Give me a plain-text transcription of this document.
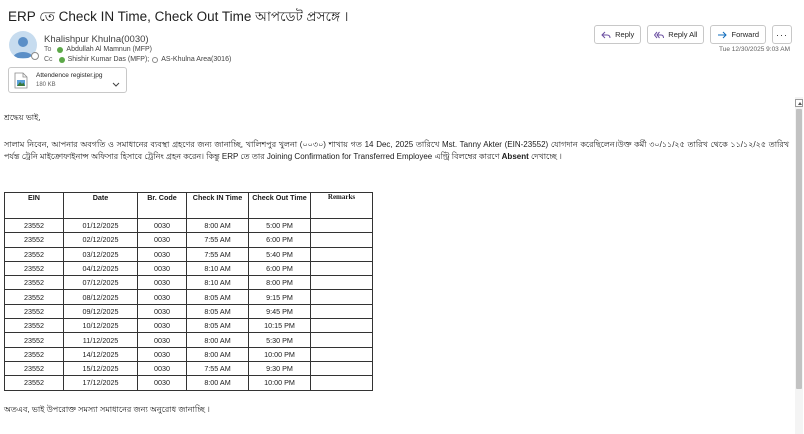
ERP তে Check IN Time, Check Out Time আপডেট প্রসঙ্গে ।
Khalishpur Khulna(0030)
To Abdullah Al Mamnun (MFP)
Cc Shishir Kumar Das (MFP); AS-Khulna Area(3016)
Reply	Reply All	Forward	···
Tue 12/30/2025 9:03 AM
Attendence register.jpg
180 KB
শ্রদ্ধেয় ভাই,
সালাম নিবেন, আপনার অবগতি ও সমাধানের ব্যবস্থা গ্রহণের জন্য জানাচ্ছি, খালিশপুর খুলনা (০০৩০) শাখায় গত 14 Dec, 2025 তারিখে Mst. Tanny Akter (EIN-23552) যোগদান করেছিলেন।উক্ত কর্মী ৩০/১১/২৫ তারিখ থেকে ১১/১২/২৫ তারিখ পর্যন্ত ট্রেনি মাইক্রোফাইনান্স অফিসার হিসাবে ট্রেনিং গ্রহন করেন। কিন্তু ERP তে তার Joining Confirmation for Transferred Employee এন্ট্রি বিলম্বের কারণে Absent দেখাচ্ছে ।
EIN	Date	Br. Code	Check IN Time	Check Out Time	Remarks
23552	01/12/2025	0030	8:00 AM	5:00 PM	
23552	02/12/2025	0030	7:55 AM	6:00 PM	
23552	03/12/2025	0030	7:55 AM	5:40 PM	
23552	04/12/2025	0030	8:10 AM	6:00 PM	
23552	07/12/2025	0030	8:10 AM	8:00 PM	
23552	08/12/2025	0030	8:05 AM	9:15 PM	
23552	09/12/2025	0030	8:05 AM	9:45 PM	
23552	10/12/2025	0030	8:05 AM	10:15 PM	
23552	11/12/2025	0030	8:00 AM	5:30 PM	
23552	14/12/2025	0030	8:00 AM	10:00 PM	
23552	15/12/2025	0030	7:55 AM	9:30 PM	
23552	17/12/2025	0030	8:00 AM	10:00 PM	
অতএব, ভাই উপরোক্ত সমস্যা সমাধানের জন্য অনুরোধ জানাচ্ছি ।
